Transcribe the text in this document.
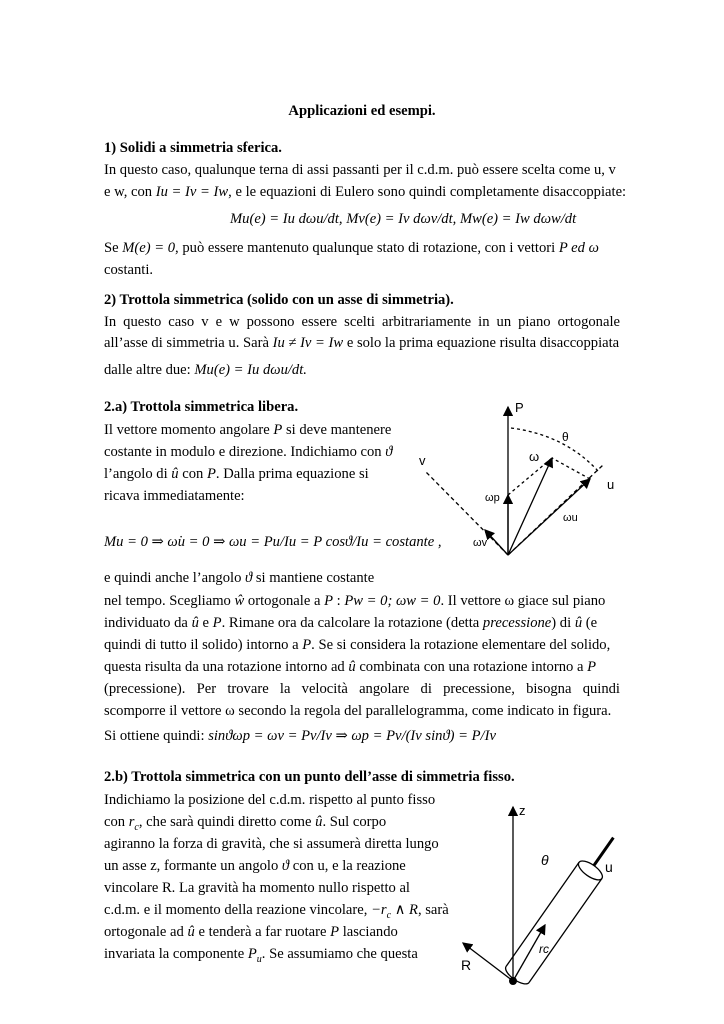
Applicazioni ed esempi.
1) Solidi a simmetria sferica.
In questo caso, qualunque terna di assi passanti per il c.d.m. può essere scelta come u, v
e w, con Iu = Iv = Iw, e le equazioni di Eulero sono quindi completamente disaccoppiate:
Mu(e) = Iu dωu/dt, Mv(e) = Iv dωv/dt, Mw(e) = Iw dωw/dt
Se M(e) = 0, può essere mantenuto qualunque stato di rotazione, con i vettori P ed ω
costanti.
2) Trottola simmetrica (solido con un asse di simmetria).
In questo caso v e w possono essere scelti arbitrariamente in un piano ortogonale
all’asse di simmetria u. Sarà Iu ≠ Iv = Iw e solo la prima equazione risulta disaccoppiata
dalle altre due: Mu(e) = Iu dωu/dt.
2.a) Trottola simmetrica libera.
Il vettore momento angolare P si deve mantenere
costante in modulo e direzione. Indichiamo con ϑ
l’angolo di û con P. Dalla prima equazione si
ricava immediatamente:
Mu = 0 ⇒ ω̇u = 0 ⇒ ωu = Pu/Iu = P cosϑ/Iu = costante ,
e quindi anche l’angolo ϑ si mantiene costante
nel tempo. Scegliamo ŵ ortogonale a P : Pw = 0; ωw = 0. Il vettore ω giace sul piano
individuato da û e P. Rimane ora da calcolare la rotazione (detta precessione) di û (e
quindi di tutto il solido) intorno a P. Se si considera la rotazione elementare del solido,
questa risulta da una rotazione intorno ad û combinata con una rotazione intorno a P
(precessione). Per trovare la velocità angolare di precessione, bisogna quindi
scomporre il vettore ω secondo la regola del parallelogramma, come indicato in figura.
Si ottiene quindi: sinϑωp = ωv = Pv/Iv ⇒ ωp = Pv/(Iv sinϑ) = P/Iv
2.b) Trottola simmetrica con un punto dell’asse di simmetria fisso.
Indichiamo la posizione del c.d.m. rispetto al punto fisso
con $r_c$, che sarà quindi diretto come û. Sul corpo
agiranno la forza di gravità, che si assumerà diretta lungo
un asse z, formante un angolo ϑ con u, e la reazione
vincolare R. La gravità ha momento nullo rispetto al
c.d.m. e il momento della reazione vincolare, $-r_c$ ∧ R, sarà
ortogonale ad û e tenderà a far ruotare P lasciando
invariata la componente $P_u$. Se assumiamo che questa
P
θ
v	ω
u
ωp
ωu
ωv
z
θ	u
rc
R
